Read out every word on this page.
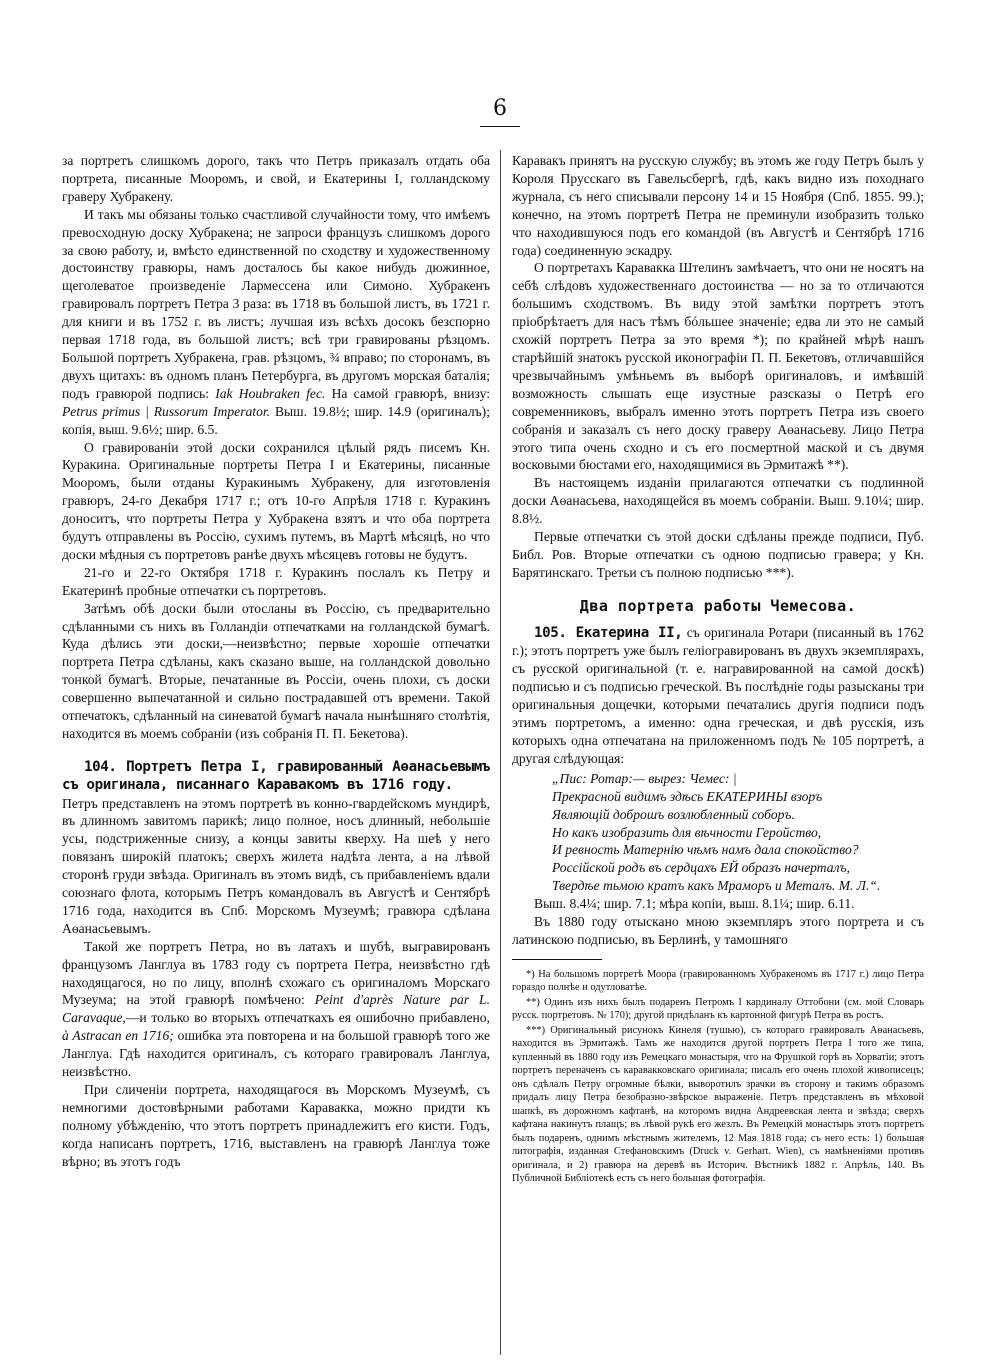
6

за портретъ слишкомъ дорого, такъ что Петръ приказалъ отдать оба портрета, писанные Мооромъ, и свой, и Екатерины I, голландскому граверу Хубракену.

И такъ мы обязаны только счастливой случайности тому, что имѣемъ превосходную доску Хубракена; не запроси французъ слишкомъ дорого за свою работу, и, вмѣсто единственной по сходству и художественному достоинству гравюры, намъ досталось бы какое нибудь дюжинное, щеголеватое произведеніе Лармессена или Симоно. Хубракенъ гравировалъ портретъ Петра 3 раза: въ 1718 въ большой листъ, въ 1721 г. для книги и въ 1752 г. въ листъ; лучшая изъ всѣхъ досокъ безспорно первая 1718 года, въ большой листъ; всѣ три гравированы рѣзцомъ. Большой портретъ Хубракена, грав. рѣзцомъ, ¾ вправо; по сторонамъ, въ двухъ щитахъ: въ одномъ планъ Петербурга, въ другомъ морская баталія; подъ гравюрой подпись: Iak Houbraken fec. На самой гравюрѣ, внизу: Petrus primus | Russorum Imperator. Выш. 19.8½; шир. 14.9 (оригиналъ); копія, выш. 9.6½; шир. 6.5.

О гравированіи этой доски сохранился цѣлый рядъ писемъ Кн. Куракина. Оригинальные портреты Петра I и Екатерины, писанные Мооромъ, были отданы Куракинымъ Хубракену, для изготовленія гравюръ, 24-го Декабря 1717 г.; отъ 10-го Апрѣля 1718 г. Куракинъ доноситъ, что портреты Петра у Хубракена взятъ и что оба портрета будутъ отправлены въ Россію, сухимъ путемъ, въ Мартѣ мѣсяцѣ, но что доски мѣдныя съ портретовъ ранѣе двухъ мѣсяцевъ готовы не будутъ.

21-го и 22-го Октября 1718 г. Куракинъ послалъ къ Петру и Екатеринѣ пробные отпечатки съ портретовъ.

Затѣмъ обѣ доски были отосланы въ Россію, съ предварительно сдѣланными съ нихъ въ Голландіи отпечатками на голландской бумагѣ. Куда дѣлись эти доски,—неизвѣстно; первые хорошіе отпечатки портрета Петра сдѣланы, какъ сказано выше, на голландской довольно тонкой бумагѣ. Вторые, печатанные въ Россіи, очень плохи, съ доски совершенно выпечатанной и сильно пострадавшей отъ времени. Такой отпечатокъ, сдѣланный на синеватой бумагѣ начала нынѣшняго столѣтія, находится въ моемъ собраніи (изъ собранія П. П. Бекетова).

104. Портретъ Петра I, гравированный Аѳанасьевымъ съ оригинала, писаннаго Каравакомъ въ 1716 году.

Петръ представленъ на этомъ портретѣ въ конно-гвардейскомъ мундирѣ, въ длинномъ завитомъ парикѣ; лицо полное, носъ длинный, небольшіе усы, подстриженные снизу, а концы завиты кверху. На шеѣ у него повязанъ широкій платокъ; сверхъ жилета надѣта лента, а на лѣвой сторонѣ груди звѣзда. Оригиналъ въ этомъ видѣ, съ прибавленіемъ вдали союзнаго флота, которымъ Петръ командовалъ въ Августѣ и Сентябрѣ 1716 года, находится въ Спб. Морскомъ Музеумѣ; гравюра сдѣлана Аѳанасьевымъ.

Такой же портретъ Петра, но въ латахъ и шубѣ, выгравированъ французомъ Ланглуа въ 1783 году съ портрета Петра, неизвѣстно гдѣ находящагося, но по лицу, вполнѣ схожаго съ оригиналомъ Морскаго Музеума; на этой гравюрѣ помѣчено: Peint d'après Nature par L. Caravaque,—и только во вторыхъ отпечаткахъ ея ошибочно прибавлено, à Astracan en 1716; ошибка эта повторена и на большой гравюрѣ того же Ланглуа. Гдѣ находится оригиналъ, съ котораго гравировалъ Ланглуа, неизвѣстно.

При сличеніи портрета, находящагося въ Морскомъ Музеумѣ, съ немногими достовѣрными работами Каравакка, можно придти къ полному убѣжденію, что этотъ портретъ принадлежитъ его кисти. Годъ, когда написанъ портретъ, 1716, выставленъ на гравюрѣ Ланглуа тоже вѣрно; въ этотъ годъ

Каравакъ принятъ на русскую службу; въ этомъ же году Петръ былъ у Короля Прусскаго въ Гавельсбергѣ, гдѣ, какъ видно изъ походнаго журнала, съ него списывали персону 14 и 15 Ноября (Спб. 1855. 99.); конечно, на этомъ портретѣ Петра не преминули изобразить только что находившуюся подъ его командой (въ Августѣ и Сентябрѣ 1716 года) соединенную эскадру.

О портретахъ Каравакка Штелинъ замѣчаетъ, что они не носятъ на себѣ слѣдовъ художественнаго достоинства — но за то отличаются большимъ сходствомъ. Въ виду этой замѣтки портретъ этотъ пріобрѣтаетъ для насъ тѣмъ бóльшее значеніе; едва ли это не самый схожій портретъ Петра за это время *); по крайней мѣрѣ нашъ старѣйшій знатокъ русской иконографіи П. П. Бекетовъ, отличавшійся чрезвычайнымъ умѣньемъ въ выборѣ оригиналовъ, и имѣвшій возможность слышать еще изустные разсказы о Петрѣ его современниковъ, выбралъ именно этотъ портретъ Петра изъ своего собранія и заказалъ съ него доску граверу Аѳанасьеву. Лицо Петра этого типа очень сходно и съ его посмертной маской и съ двумя восковыми бюстами его, находящимися въ Эрмитажѣ **).

Въ настоящемъ изданіи прилагаются отпечатки съ подлинной доски Аѳанасьева, находящейся въ моемъ собраніи. Выш. 9.10¼; шир. 8.8½.

Первые отпечатки съ этой доски сдѣланы прежде подписи, Пуб. Библ. Ров. Вторые отпечатки съ одною подписью гравера; у Кн. Барятинскаго. Третьи съ полною подписью ***).

Два портрета работы Чемесова.

105. Екатерина II, съ оригинала Ротари (писанный въ 1762 г.); этотъ портретъ уже былъ геліогравированъ въ двухъ экземплярахъ, съ русской оригинальной (т. е. награвированной на самой доскѣ) подписью и съ подписью греческой. Въ послѣдніе годы разысканы три оригинальныя дощечки, которыми печатались другія подписи подъ этимъ портретомъ, а именно: одна греческая, и двѣ русскія, изъ которыхъ одна отпечатана на приложенномъ подъ № 105 портретѣ, а другая слѣдующая:

„Пис: Ротар:— вырез: Чемес: |

Прекрасной видимъ здѣсь ЕКАТЕРИНЫ взоръ

Являющій доброшъ возлюбленный соборъ.

Но какъ изобразить для вѣчности Геройство,

И ревность Матернію чѣмъ намъ дала спокойство?

Россійской родъ въ сердцахъ ЕЙ образъ начерталъ,

Твердѣе тьмою кратъ какъ Мраморъ и Металъ. М. Л.“.

Выш. 8.4¼; шир. 7.1; мѣра копіи, выш. 8.1¼; шир. 6.11.

Въ 1880 году отыскано мною экземпляръ этого портрета и съ латинскою подписью, въ Берлинѣ, у тамошняго

*) На большомъ портретѣ Моора (гравированномъ Хубракеномъ въ 1717 г.) лицо Петра гораздо полнѣе и одутловатѣе.

**) Одинъ изъ нихъ былъ подаренъ Петромъ I кардиналу Оттобони (см. мой Словарь русск. портретовъ. № 170); другой придѣланъ къ картонной фигурѣ Петра въ ростъ.

***) Оригинальный рисунокъ Кинеля (тушью), съ котораго гравировалъ Аѳанасьевъ, находится въ Эрмитажѣ. Тамъ же находится другой портретъ Петра I того же типа, купленный въ 1880 году изъ Ремецкаго монастыря, что на Фрушкой горѣ въ Хорватіи; этотъ портретъ переначенъ съ каравакковскаго оригинала; писалъ его очень плохой живописецъ; онъ сдѣлалъ Петру огромные бѣлки, выворотилъ зрачки въ сторону и такимъ образомъ придалъ лицу Петра безобразно-звѣрское выраженіе. Петръ представленъ въ мѣховой шапкѣ, въ дорожномъ кафтанѣ, на которомъ видна Андреевская лента и звѣзда; сверхъ кафтана накинутъ плащъ; въ лѣвой рукѣ его жезлъ. Въ Ремецкій монастырь этотъ портретъ былъ подаренъ, однимъ мѣстнымъ жителемъ, 12 Мая 1818 года; съ него есть: 1) большая литографія, изданная Стефановскимъ (Druck v. Gerhart. Wien), съ намѣненіями противъ оригинала, и 2) гравюра на деревѣ въ Историч. Вѣстникѣ 1882 г. Апрѣль, 140. Въ Публичной Библіотекѣ есть съ него большая фотографія.
